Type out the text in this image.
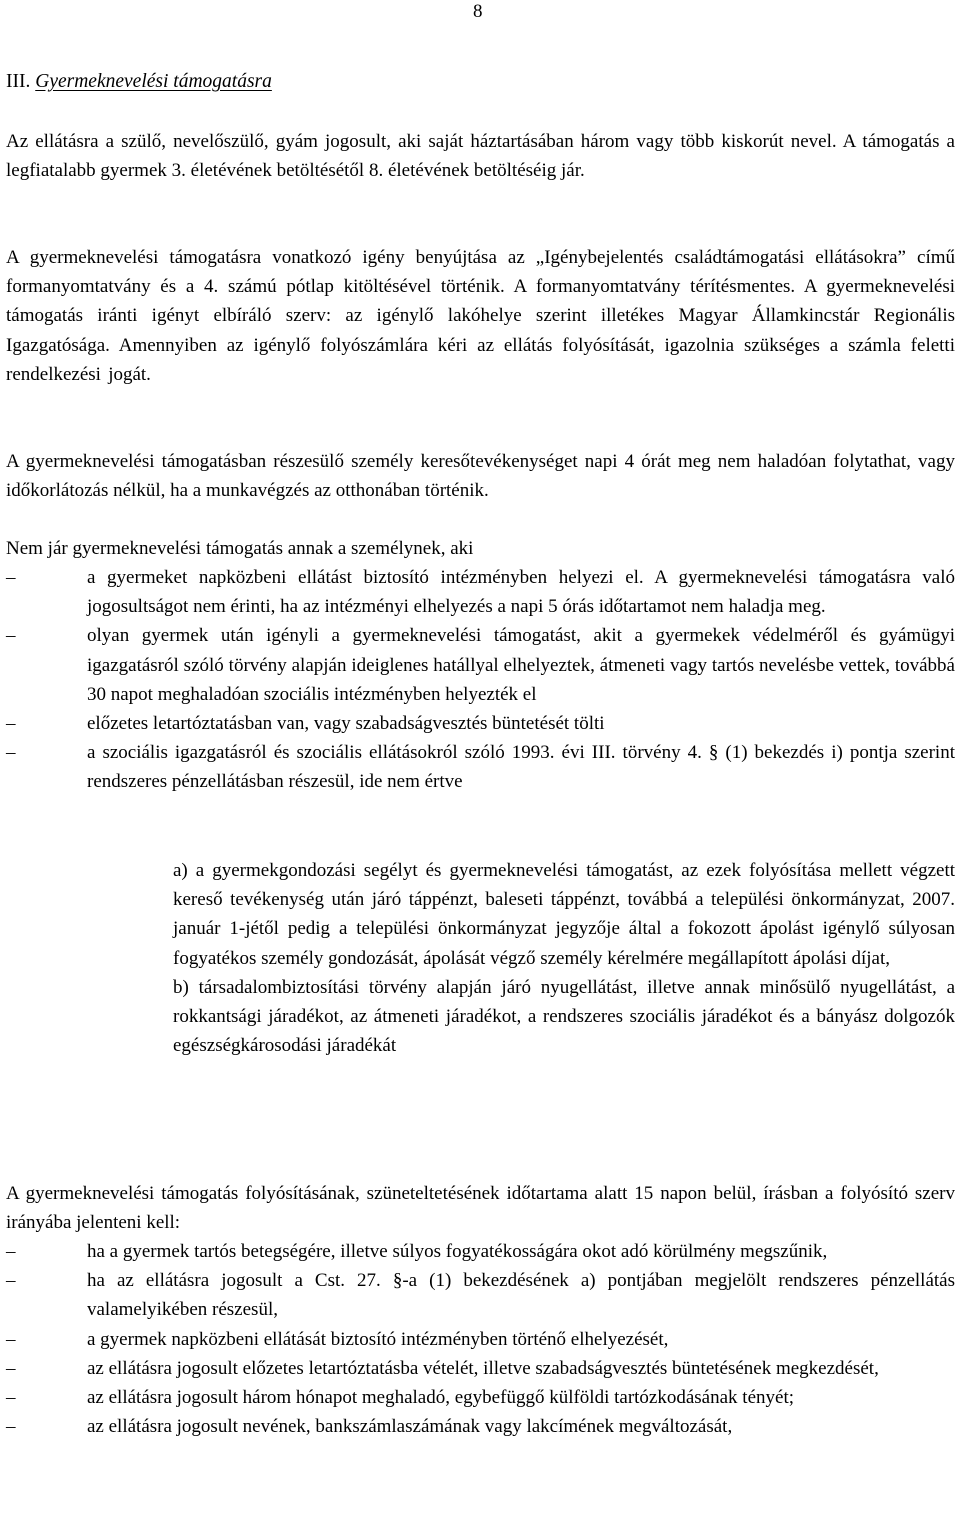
8
III. Gyermeknevelési támogatásra

Az ellátásra a szülő, nevelőszülő, gyám jogosult, aki saját háztartásában három vagy több kiskorút nevel. A támogatás a legfiatalabb gyermek 3. életévének betöltésétől 8. életévének betöltéséig jár.

A gyermeknevelési támogatásra vonatkozó igény benyújtása az „Igénybejelentés családtámogatási ellátásokra” című formanyomtatvány és a 4. számú pótlap kitöltésével történik. A formanyomtatvány térítésmentes. A gyermeknevelési támogatás iránti igényt elbíráló szerv: az igénylő lakóhelye szerint illetékes Magyar Államkincstár Regionális Igazgatósága. Amennyiben az igénylő folyószámlára kéri az ellátás folyósítását, igazolnia szükséges a számla feletti rendelkezési jogát.

A gyermeknevelési támogatásban részesülő személy keresőtevékenységet napi 4 órát meg nem haladóan folytathat, vagy időkorlátozás nélkül, ha a munkavégzés az otthonában történik.

Nem jár gyermeknevelési támogatás annak a személynek, aki

–	a gyermeket napközbeni ellátást biztosító intézményben helyezi el. A gyermeknevelési támogatásra való jogosultságot nem érinti, ha az intézményi elhelyezés a napi 5 órás időtartamot nem haladja meg.
–	olyan gyermek után igényli a gyermeknevelési támogatást, akit a gyermekek védelméről és gyámügyi igazgatásról szóló törvény alapján ideiglenes hatállyal elhelyeztek, átmeneti vagy tartós nevelésbe vettek, továbbá 30 napot meghaladóan szociális intézményben helyezték el
–	előzetes letartóztatásban van, vagy szabadságvesztés büntetését tölti
–	a szociális igazgatásról és szociális ellátásokról szóló 1993. évi III. törvény 4. § (1) bekezdés i) pontja szerint rendszeres pénzellátásban részesül, ide nem értve
a) a gyermekgondozási segélyt és gyermeknevelési támogatást, az ezek folyósítása mellett végzett kereső tevékenység után járó táppénzt, baleseti táppénzt, továbbá a települési önkormányzat, 2007. január 1-jétől pedig a települési önkormányzat jegyzője által a fokozott ápolást igénylő súlyosan fogyatékos személy gondozását, ápolását végző személy kérelmére megállapított ápolási díjat,
b) társadalombiztosítási törvény alapján járó nyugellátást, illetve annak minősülő nyugellátást, a rokkantsági járadékot, az átmeneti járadékot, a rendszeres szociális járadékot és a bányász dolgozók egészségkárosodási járadékát

A gyermeknevelési támogatás folyósításának, szüneteltetésének időtartama alatt 15 napon belül, írásban a folyósító szerv irányába jelenteni kell:

–	ha a gyermek tartós betegségére, illetve súlyos fogyatékosságára okot adó körülmény megszűnik,
–	ha az ellátásra jogosult a Cst. 27. §-a (1) bekezdésének a) pontjában megjelölt rendszeres pénzellátás valamelyikében részesül,
–	a gyermek napközbeni ellátását biztosító intézményben történő elhelyezését,
–	az ellátásra jogosult előzetes letartóztatásba vételét, illetve szabadságvesztés büntetésének megkezdését,
–	az ellátásra jogosult három hónapot meghaladó, egybefüggő külföldi tartózkodásának tényét;
–	az ellátásra jogosult nevének, bankszámlaszámának vagy lakcímének megváltozását,
